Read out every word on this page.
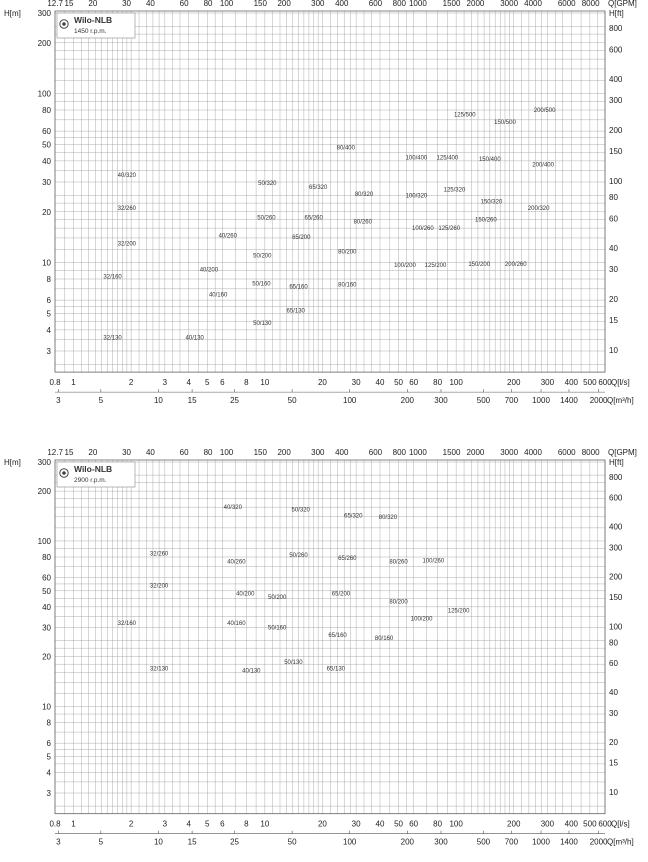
Wilo-NLB
1450 r.p.m.
40/320
32/260
32/200
32/160
32/130
40/260
40/200
40/160
40/130
50/320
50/260
50/200
50/160
50/130
65/320
65/260
65/200
65/160
65/130
80/400
80/320
80/260
80/200
80/160
100/400
100/320
100/260
100/200
125/500
125/400
125/320
125/260
125/200
150/500
150/400
150/320
150/260
150/200
200/500
200/400
200/320
200/260
3
4
5
6
8
10
20
30
40
50
60
80
100
200
300
H[m]
10
15
20
30
40
60
80
100
150
200
300
400
600
800
H[ft]
12.7 15 20	30 40	60 80 100	150 200	300 400	600 800 1000 1500 2000 3000 4000 6000 8000 Q[GPM]
0.8 1	2	3 4 5 6 8 10	20	30 40 50 60 80 100	200	300 400 500 600 Q[l/s]
3	5	10	15	25	50	100	200	300	500 700 1000 1400 2000 Q[m³/h]
Wilo-NLB
2900 r.p.m.
40/320	50/320
65/320	80/320
32/260
40/260
50/260	65/260
80/260 100/260
32/200
40/200
50/200
65/200
80/200
100/200
125/200
32/160	40/160
50/160
65/160	80/160
32/130	40/130
50/130
65/130
3
4
5
6
8
10
20
30
40
50
60
80
100
200
300
H[m]
10
15
20
30
40
60
80
100
150
200
300
400
600
800
H[ft]
12.7 15 20	30 40	60 80 100	150 200	300 400	600 800 1000 1500 2000 3000 4000 6000 8000 Q[GPM]
0.8 1	2	3 4 5 6 8 10	20	30 40 50 60 80 100	200	300 400 500 600 Q[l/s]
3	5	10	15	25	50	100	200	300	500 700 1000 1400 2000 Q[m³/h]
